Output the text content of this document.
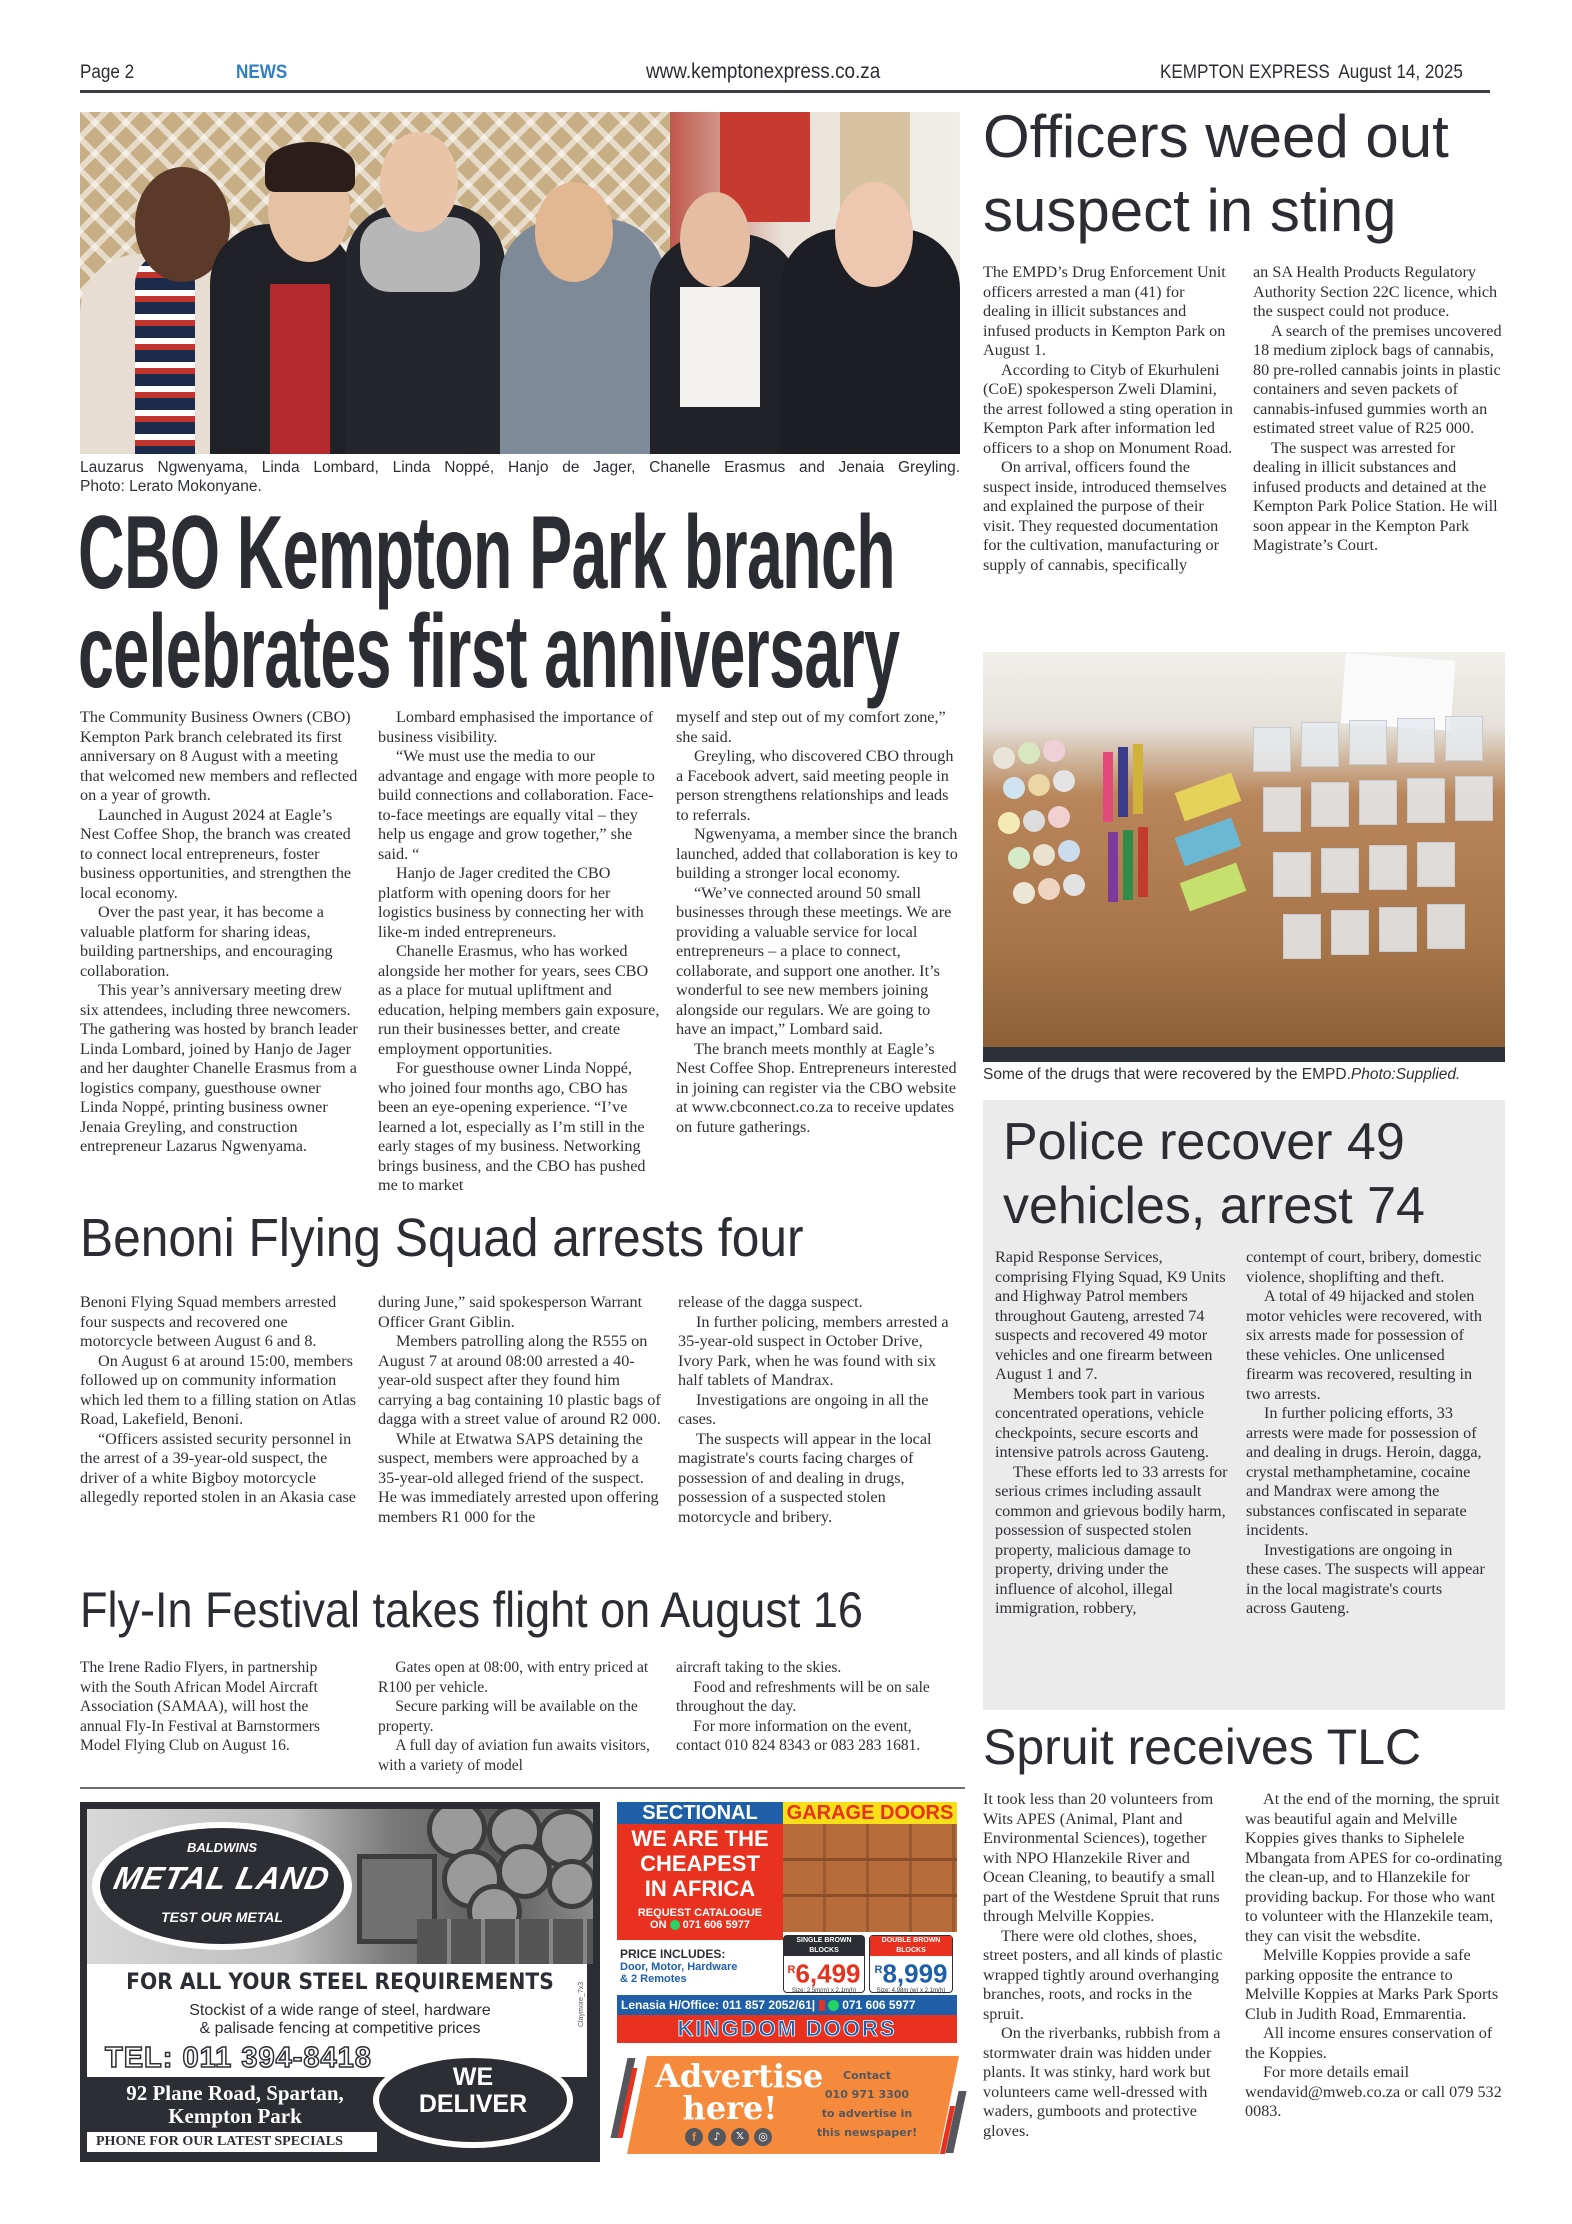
Page 2	NEWS	www.kemptonexpress.co.za	KEMPTON EXPRESS August 14, 2025
Lauzarus Ngwenyama, Linda Lombard, Linda Noppé, Hanjo de Jager, Chanelle Erasmus and Jenaia Greyling.
Photo: Lerato Mokonyane.
CBO Kempton Park branch
celebrates first anniversary

The Community Business Owners (CBO) Kempton Park branch celebrated its first anniversary on 8 August with a meeting that welcomed new members and reflected on a year of growth.

Launched in August 2024 at Eagle’s Nest Coffee Shop, the branch was created to connect local entrepreneurs, foster business opportunities, and strengthen the local economy.

Over the past year, it has become a valuable platform for sharing ideas, building partnerships, and encouraging collaboration.

This year’s anniversary meeting drew six attendees, including three newcomers. The gathering was hosted by branch leader Linda Lombard, joined by Hanjo de Jager and her daughter Chanelle Erasmus from a logistics company, guesthouse owner Linda Noppé, printing business owner Jenaia Greyling, and construction entrepreneur Lazarus Ngwenyama.

Lombard emphasised the importance of business visibility.

“We must use the media to our advantage and engage with more people to build connections and collaboration. Face-to-face meetings are equally vital – they help us engage and grow together,” she said. “

Hanjo de Jager credited the CBO platform with opening doors for her logistics business by connecting her with like-m inded entrepreneurs.

Chanelle Erasmus, who has worked alongside her mother for years, sees CBO as a place for mutual upliftment and education, helping members gain exposure, run their businesses better, and create employment opportunities.

For guesthouse owner Linda Noppé, who joined four months ago, CBO has been an eye-opening experience. “I’ve learned a lot, especially as I’m still in the early stages of my business. Networking brings business, and the CBO has pushed me to market

myself and step out of my comfort zone,” she said.

Greyling, who discovered CBO through a Facebook advert, said meeting people in person strengthens relationships and leads to referrals.

Ngwenyama, a member since the branch launched, added that collaboration is key to building a stronger local economy.

“We’ve connected around 50 small businesses through these meetings. We are providing a valuable service for local entrepreneurs – a place to connect, collaborate, and support one another. It’s wonderful to see new members joining alongside our regulars. We are going to have an impact,” Lombard said.

The branch meets monthly at Eagle’s Nest Coffee Shop. Entrepreneurs interested in joining can register via the CBO website at www.cbconnect.co.za to receive updates on future gatherings.

Benoni Flying Squad arrests four

Benoni Flying Squad members arrested four suspects and recovered one motorcycle between August 6 and 8.

On August 6 at around 15:00, members followed up on community information which led them to a filling station on Atlas Road, Lakefield, Benoni.

“Officers assisted security personnel in the arrest of a 39-year-old suspect, the driver of a white Bigboy motorcycle allegedly reported stolen in an Akasia case

during June,” said spokesperson Warrant Officer Grant Giblin.

Members patrolling along the R555 on August 7 at around 08:00 arrested a 40-year-old suspect after they found him carrying a bag containing 10 plastic bags of dagga with a street value of around R2 000.

While at Etwatwa SAPS detaining the suspect, members were approached by a 35-year-old alleged friend of the suspect. He was immediately arrested upon offering members R1 000 for the

release of the dagga suspect.

In further policing, members arrested a 35-year-old suspect in October Drive, Ivory Park, when he was found with six half tablets of Mandrax.

Investigations are ongoing in all the cases.

The suspects will appear in the local magistrate's courts facing charges of possession of and dealing in drugs, possession of a suspected stolen motorcycle and bribery.

Fly-In Festival takes flight on August 16

The Irene Radio Flyers, in partnership with the South African Model Aircraft Association (SAMAA), will host the annual Fly-In Festival at Barnstormers Model Flying Club on August 16.

Gates open at 08:00, with entry priced at R100 per vehicle.

Secure parking will be available on the property.

A full day of aviation fun awaits visitors, with a variety of model

aircraft taking to the skies.

Food and refreshments will be on sale throughout the day.

For more information on the event, contact 010 824 8343 or 083 283 1681.

Officers weed out
suspect in sting

The EMPD’s Drug Enforcement Unit officers arrested a man (41) for dealing in illicit substances and infused products in Kempton Park on August 1.

According to Cityb of Ekurhuleni (CoE) spokesperson Zweli Dlamini, the arrest followed a sting operation in Kempton Park after information led officers to a shop on Monument Road.

On arrival, officers found the suspect inside, introduced themselves and explained the purpose of their visit. They requested documentation for the cultivation, manufacturing or supply of cannabis, specifically

an SA Health Products Regulatory Authority Section 22C licence, which the suspect could not produce.

A search of the premises uncovered 18 medium ziplock bags of cannabis, 80 pre-rolled cannabis joints in plastic containers and seven packets of cannabis-infused gummies worth an estimated street value of R25 000.

The suspect was arrested for dealing in illicit substances and infused products and detained at the Kempton Park Police Station. He will soon appear in the Kempton Park Magistrate’s Court.

Some of the drugs that were recovered by the EMPD.Photo:Supplied.
Police recover 49
vehicles, arrest 74

Rapid Response Services, comprising Flying Squad, K9 Units and Highway Patrol members throughout Gauteng, arrested 74 suspects and recovered 49 motor vehicles and one firearm between August 1 and 7.

Members took part in various concentrated operations, vehicle checkpoints, secure escorts and intensive patrols across Gauteng.

These efforts led to 33 arrests for serious crimes including assault common and grievous bodily harm, possession of suspected stolen property, malicious damage to property, driving under the influence of alcohol, illegal immigration, robbery,

contempt of court, bribery, domestic violence, shoplifting and theft.

A total of 49 hijacked and stolen motor vehicles were recovered, with six arrests made for possession of these vehicles. One unlicensed firearm was recovered, resulting in two arrests.

In further policing efforts, 33 arrests were made for possession of and dealing in drugs. Heroin, dagga, crystal methamphetamine, cocaine and Mandrax were among the substances confiscated in separate incidents.

Investigations are ongoing in these cases. The suspects will appear in the local magistrate's courts across Gauteng.

Spruit receives TLC

It took less than 20 volunteers from Wits APES (Animal, Plant and Environmental Sciences), together with NPO Hlanzekile River and Ocean Cleaning, to beautify a small part of the Westdene Spruit that runs through Melville Koppies.

There were old clothes, shoes, street posters, and all kinds of plastic wrapped tightly around overhanging branches, roots, and rocks in the spruit.

On the riverbanks, rubbish from a stormwater drain was hidden under plants. It was stinky, hard work but volunteers came well-dressed with waders, gumboots and protective gloves.

At the end of the morning, the spruit was beautiful again and Melville Koppies gives thanks to Siphelele Mbangata from APES for co-ordinating the clean-up, and to Hlanzekile for providing backup. For those who want to volunteer with the Hlanzekile team, they can visit the websdite.

Melville Koppies provide a safe parking opposite the entrance to Melville Koppies at Marks Park Sports Club in Judith Road, Emmarentia.

All income ensures conservation of the Koppies.

For more details email wendavid@mweb.co.za or call 079 532 0083.

BALDWINS
METAL LAND
TEST OUR METAL
FOR ALL YOUR STEEL REQUIREMENTS
Stockist of a wide range of steel, hardware
& palisade fencing at competitive prices
TEL: 011 394-8418
Claymore_7x3
92 Plane Road, Spartan,
Kempton Park
WE
DELIVER
PHONE FOR OUR LATEST SPECIALS
SECTIONAL	GARAGE DOORS
WE ARE THE
CHEAPEST
IN AFRICA
REQUEST CATALOGUE
ON 071 606 5977
PRICE INCLUDES:
Door, Motor, Hardware
& 2 Remotes
SINGLE BROWN BLOCKS
$^R$6,499
Size: 2.5m(m) x 2.1m(h)
DOUBLE BROWN BLOCKS
$^R$8,999
Size: 4.98m (w) x 2.1m(h)
Lenasia H/Office: 011 857 2052/61| 071 606 5977
KINGDOM DOORS
Advertise
here!
f	♪	𝕏	◎
Contact
010 971 3300
to advertise in
this newspaper!
